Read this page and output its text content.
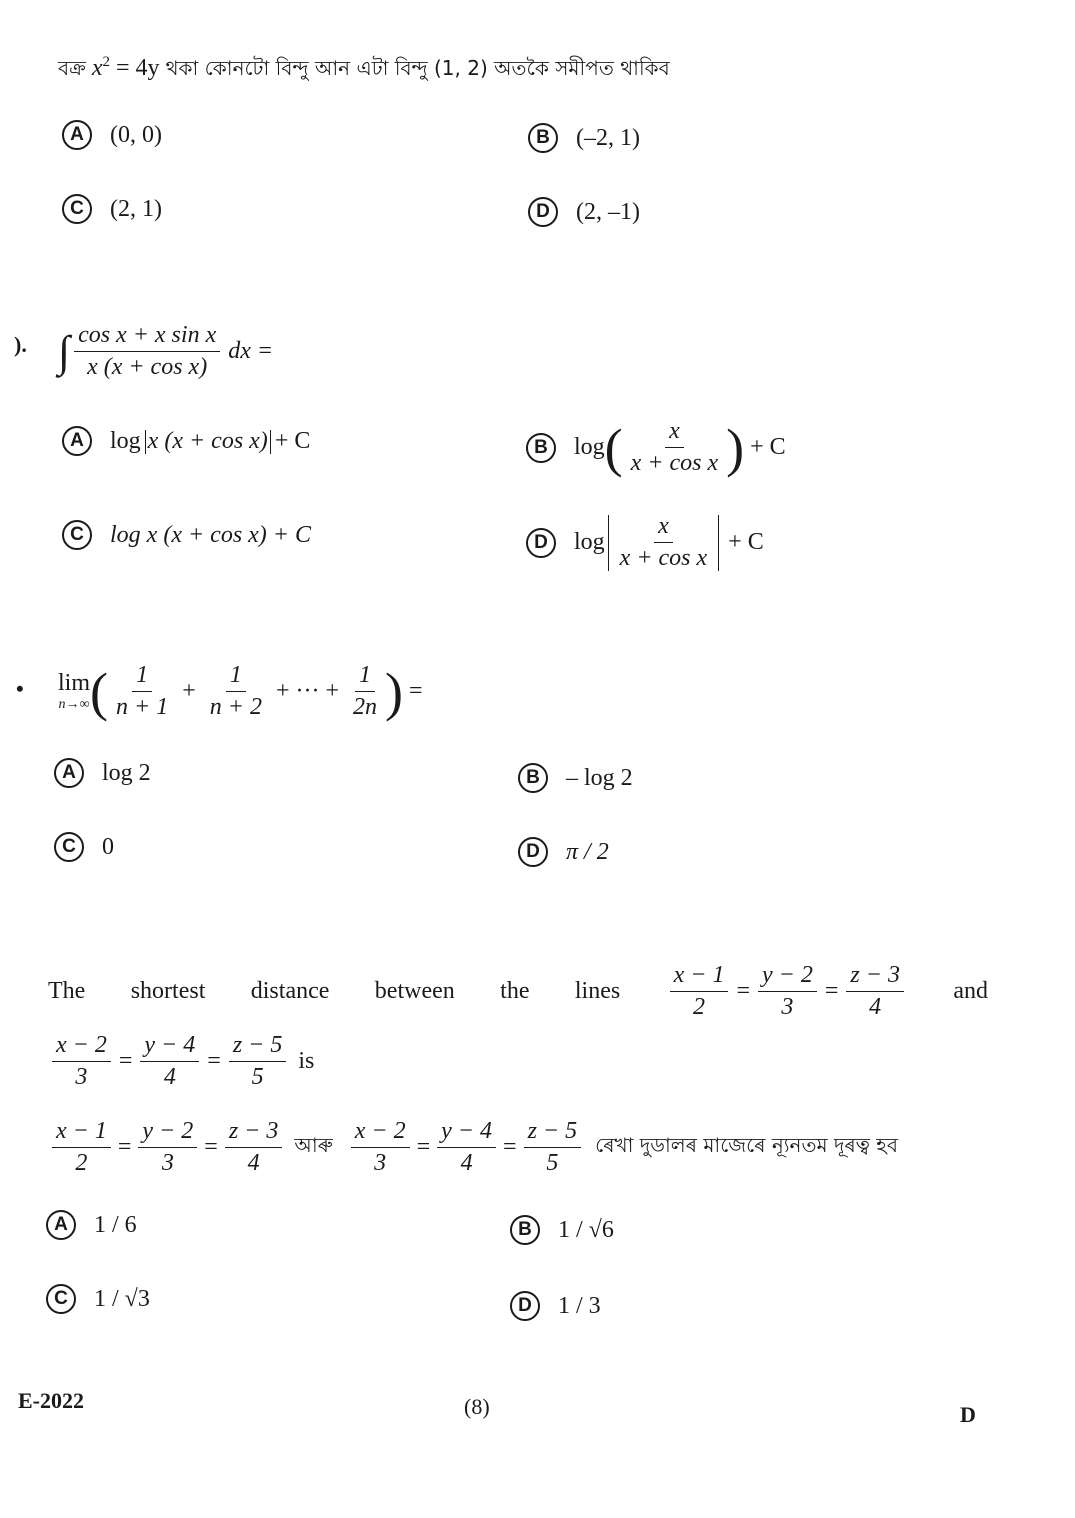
বক্ৰ $x^2 = 4y$ থকা কোনটো বিন্দু আন এটা বিন্দু (1, 2) অতকৈ সমীপত থাকিব
A	(0, 0)	B	(–2, 1)
C	(2, 1)	D	(2, –1)
). ∫ $\frac{\text{cos x + x sin x}}{\text{x (x + cos x)}}$ dx =
A	log x (x + cos x) + C	B	log ( $\frac{x}{\text{x + cos x}}$ ) + C
C	log x (x + cos x) + C	D	$\log \frac{x}{\text{x + cos x}} + C$
• lim
n→∞ ( $\frac{1}{n + 1} + \frac{1}{n + 2}$ + ··· + $\frac{1}{2n}$ ) =
A	log 2	B	– log 2
C	0	D	π / 2
The shortest distance between the lines $\frac{x - 1}{2} = \frac{y - 2}{3} = \frac{z - 3}{4}$ and
$\frac{x - 2}{3} = \frac{y - 4}{4} = \frac{z - 5}{5}$ is
$\frac{x - 1}{2} = \frac{y - 2}{3} = \frac{z - 3}{4}$ আৰু $\frac{x - 2}{3} = \frac{y - 4}{4} = \frac{z - 5}{5}$ ৰেখা দুডালৰ মাজেৰে ন্যূনতম দূৰত্ব হব
A	1 / 6	B	1 / √6
C	1 / √3	D	1 / 3
E-2022	(8)	D
